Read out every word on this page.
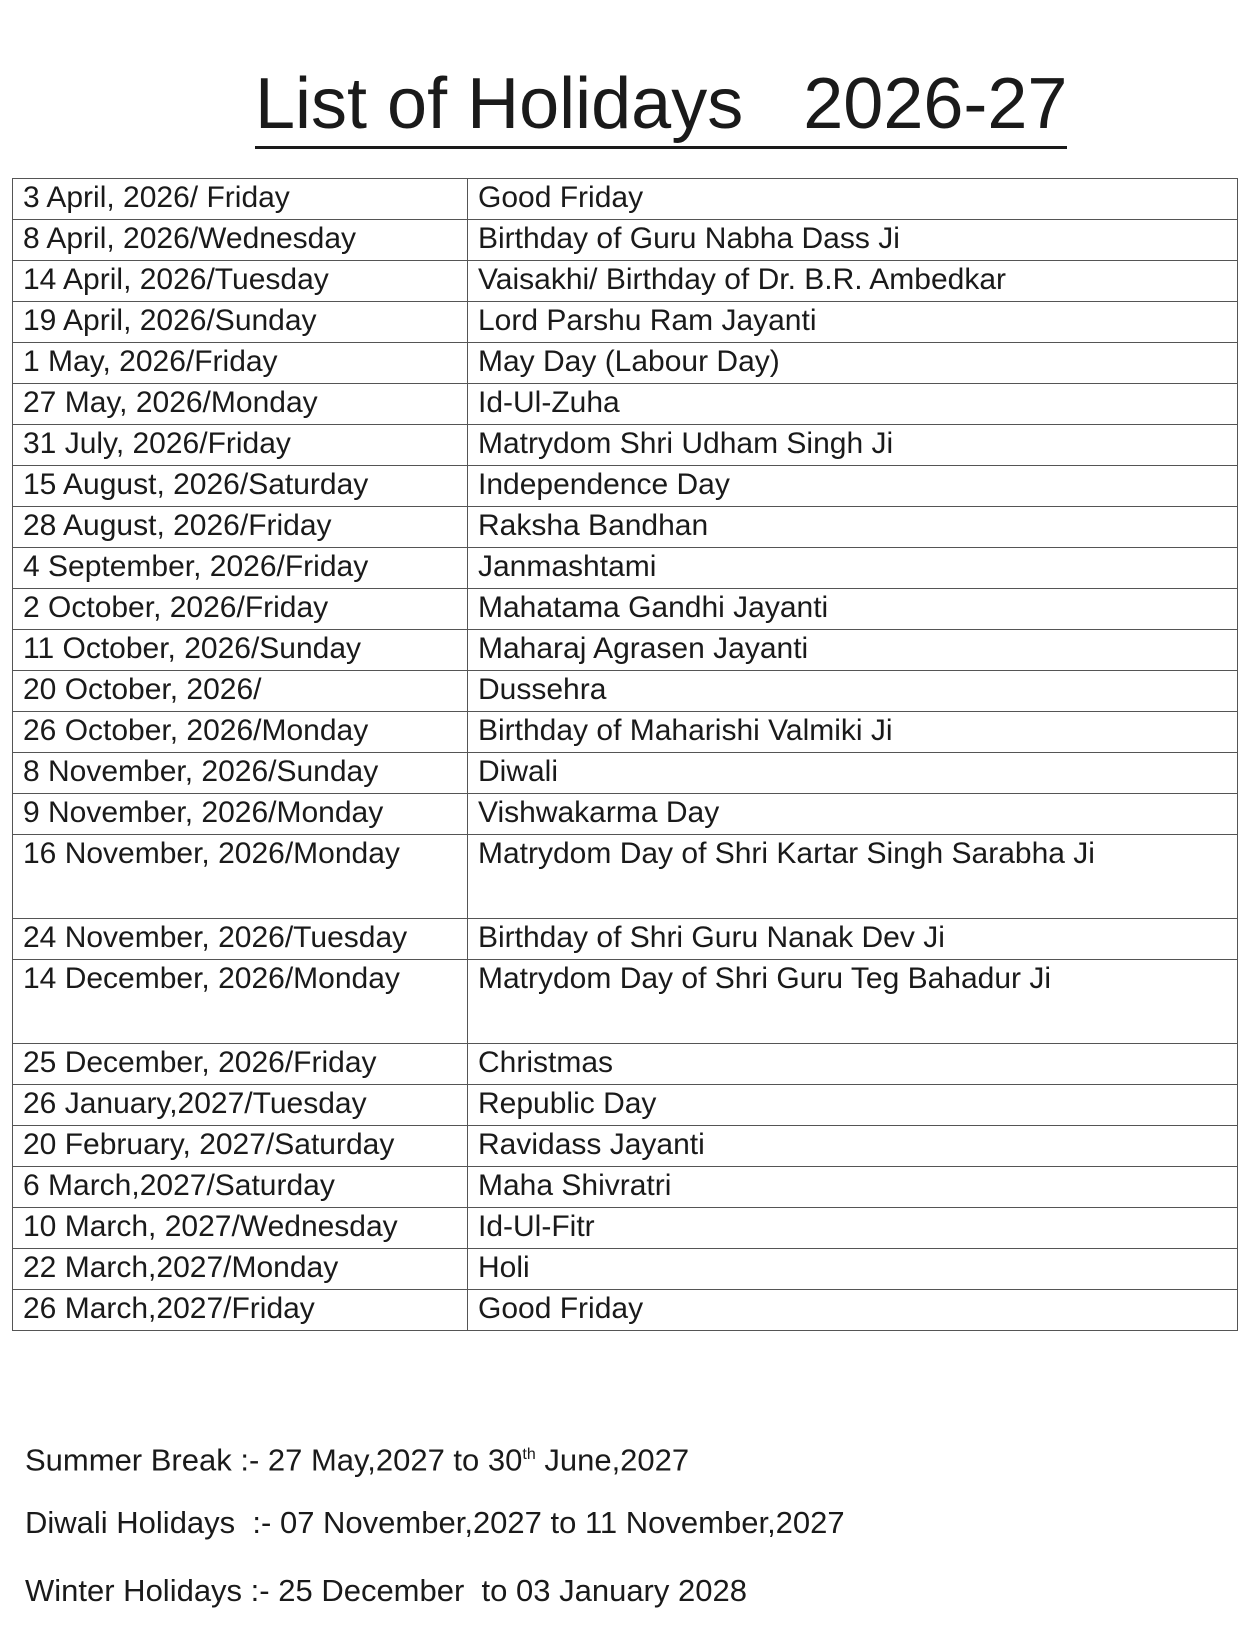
List of Holidays   2026-27
3 April, 2026/ Friday	Good Friday
8 April, 2026/Wednesday	Birthday of Guru Nabha Dass Ji
14 April, 2026/Tuesday	Vaisakhi/ Birthday of Dr. B.R. Ambedkar
19 April, 2026/Sunday	Lord Parshu Ram Jayanti
1 May, 2026/Friday	May Day (Labour Day)
27 May, 2026/Monday	Id-Ul-Zuha
31 July, 2026/Friday	Matrydom Shri Udham Singh Ji
15 August, 2026/Saturday	Independence Day
28 August, 2026/Friday	Raksha Bandhan
4 September, 2026/Friday	Janmashtami
2 October, 2026/Friday	Mahatama Gandhi Jayanti
11 October, 2026/Sunday	Maharaj Agrasen Jayanti
20 October, 2026/	Dussehra
26 October, 2026/Monday	Birthday of Maharishi Valmiki Ji
8 November, 2026/Sunday	Diwali
9 November, 2026/Monday	Vishwakarma Day
16 November, 2026/Monday	Matrydom Day of Shri Kartar Singh Sarabha Ji
24 November, 2026/Tuesday	Birthday of Shri Guru Nanak Dev Ji
14 December, 2026/Monday	Matrydom Day of Shri Guru Teg Bahadur Ji
25 December, 2026/Friday	Christmas
26 January,2027/Tuesday	Republic Day
20 February, 2027/Saturday	Ravidass Jayanti
6 March,2027/Saturday	Maha Shivratri
10 March, 2027/Wednesday	Id-Ul-Fitr
22 March,2027/Monday	Holi
26 March,2027/Friday	Good Friday
Summer Break :- 27 May,2027 to 30th June,2027
Diwali Holidays  :- 07 November,2027 to 11 November,2027
Winter Holidays :- 25 December  to 03 January 2028
